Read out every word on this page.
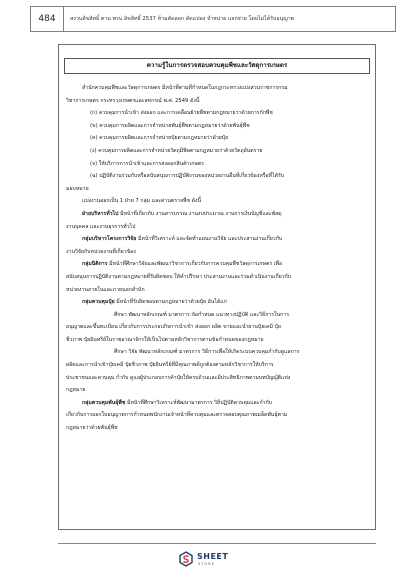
484	สงวนลิขสิทธิ์ ตาม พรบ.ลิขสิทธิ์ 2537 ห้ามคัดลอก ดัดแปลง จำหน่าย แจกจ่าย โดยไม่ได้รับอนุญาต
ความรู้ในการตรวจสอบควบคุมพืชและวัสดุการเกษตร

สำนักควบคุมพืชและวัสดุการเกษตร มีหน้าที่ตามที่กำหนดในกฎกระทรวงแบ่งส่วนราชการกรม

วิชาการเกษตร กระทรวงเกษตรและสหกรณ์ พ.ศ. 2549 ดังนี้

(ก) ควบคุมการนำเข้า ส่งออก และการเคลื่อนย้ายพืชตามกฎหมายว่าด้วยการกักพืช

(ข) ควบคุมการผลิตและการจำหน่ายพันธุ์พืชตามกฎหมายว่าด้วยพันธุ์พืช

(ค) ควบคุมการผลิตและการจำหน่ายปุ๋ยตามกฎหมายว่าด้วยปุ๋ย

(ง) ควบคุมการผลิตและการจำหน่ายวัตถุมีพิษตามกฎหมายว่าด้วยวัตถุอันตราย

(จ) ให้บริการการนำเข้าและการส่งออกสินค้าเกษตร

(ฉ) ปฏิบัติงานร่วมกับหรือสนับสนุนการปฏิบัติงานของหน่วยงานอื่นที่เกี่ยวข้องหรือที่ได้รับ

มอบหมาย

แบ่งงานออกเป็น 1 ฝ่าย 7 กลุ่ม และด่านตรวจพืช ดังนี้

ฝ่ายบริหารทั่วไป มีหน้าที่เกี่ยวกับ งานสารบรรณ งานงบประมาณ งานการเงินบัญชีและพัสดุ

งานบุคคล และงานธุรการทั่วไป

กลุ่มบริหารโครงการวิจัย มีหน้าที่วิเคราะห์ และจัดทำแผนงานวิจัย และประสานงานเกี่ยวกับ

งานวิจัยกับหน่วยงานที่เกี่ยวข้อง

กลุ่มนิติการ มีหน้าที่ศึกษาวิจัยและพัฒนาวิชาการเกี่ยวกับการควบคุมพืชวัสดุการเกษตร เพื่อ

สนับสนุนการปฏิบัติงานตามกฎหมายที่รับผิดชอบ ให้คำปรึกษา ประสานงานและร่วมดำเนินงานเกี่ยวกับ

หน่วยงานภายในและภายนอกสำนัก

กลุ่มควบคุมปุ๋ย มีหน้าที่รับผิดชอบตามกฎหมายว่าด้วยปุ๋ย อันได้แก่

ศึกษา พัฒนาหลักเกณฑ์ มาตรการ ข้อกำหนด แนวทางปฏิบัติ และวิธีการในการ

อนุญาตและขึ้นทะเบียน เกี่ยวกับการประกอบกิจการนำเข้า ส่งออก ผลิต ขายและนำผ่านปุ๋ยเคมี ปุ๋ย

ชีวภาพ ปุ๋ยอินทรีย์ในราชอาณาจักรให้เป็นไปตามหลักวิชาการตามข้อกำหนดของกฎหมาย

ศึกษา วิจัย พัฒนาหลักเกณฑ์ มาตรการ วิธีการเพื่อให้เกิดระบบควบคุมกำกับดูแลการ

ผลิตและการนำเข้าปุ๋ยเคมี ปุ๋ยชีวภาพ ปุ๋ยอินทรีย์ที่มีคุณภาพดีถูกต้องตามหลักวิชาการให้บริการ

ประชาชนและควบคุม กำกับ ดูแลผู้ประกอบการค้าปุ๋ยให้ครบถ้วนและมีประสิทธิภาพตามบทบัญญัติแห่ง

กฎหมาย

กลุ่มควบคุมพันธุ์พืช มีหน้าที่ศึกษาวิเคราะห์พัฒนามาตรการ วิธีปฏิบัติควบคุมและกำกับ

เกี่ยวกับการออกใบอนุญาตการกำหนดพนักงานเจ้าหน้าที่ควบคุมและตรวจสอบคุณภาพเมล็ดพันธุ์ตาม

กฎหมายว่าด้วยพันธุ์พืช

SHEET
STORE
